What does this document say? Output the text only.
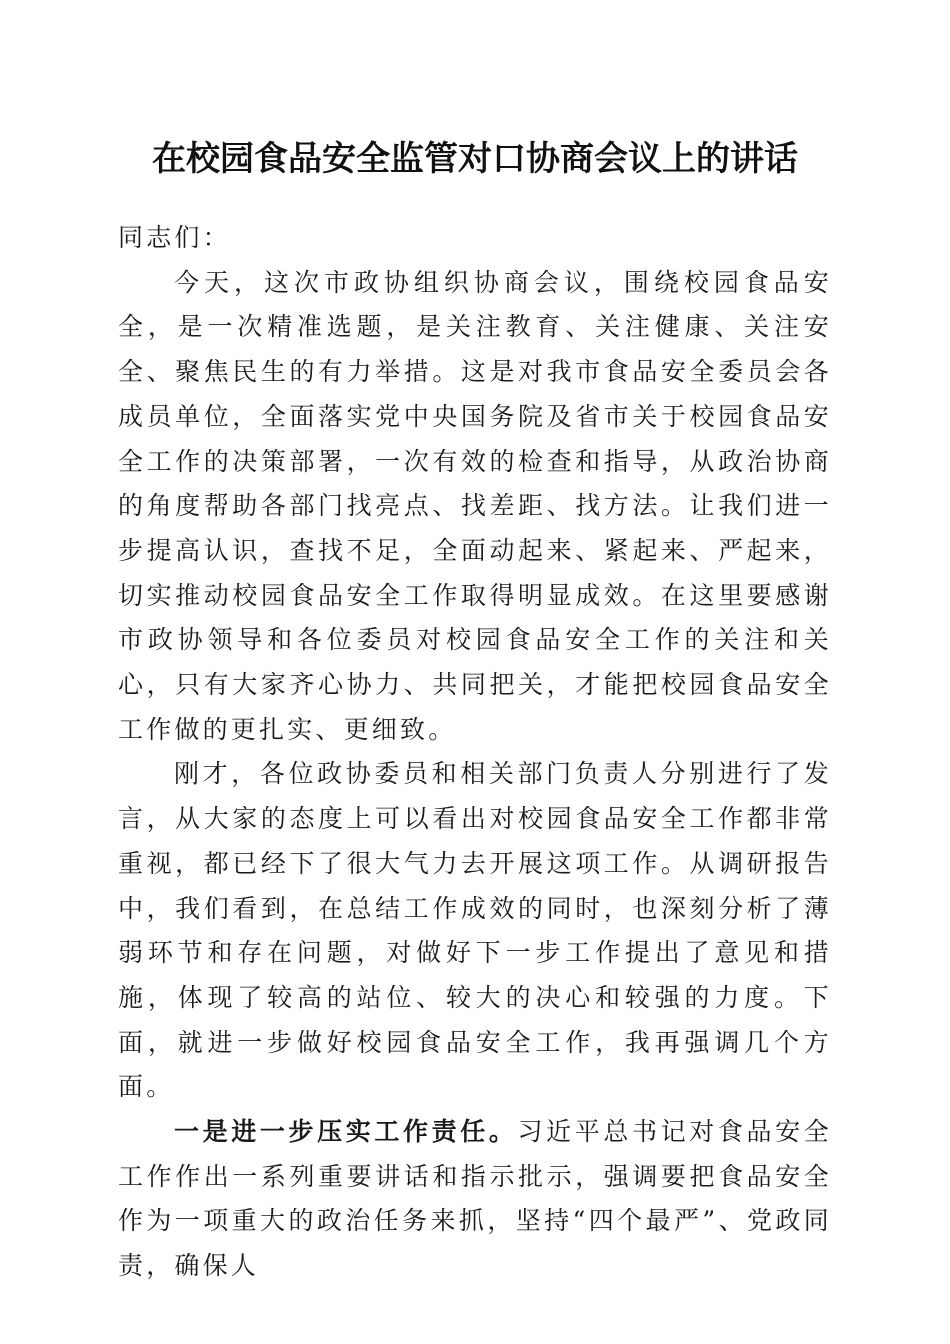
在校园食品安全监管对口协商会议上的讲话

同志们：

今天，这次市政协组织协商会议，围绕校园食品安全，是一次精准选题，是关注教育、关注健康、关注安全、聚焦民生的有力举措。这是对我市食品安全委员会各成员单位，全面落实党中央国务院及省市关于校园食品安全工作的决策部署，一次有效的检查和指导，从政治协商的角度帮助各部门找亮点、找差距、找方法。让我们进一步提高认识，查找不足，全面动起来、紧起来、严起来，切实推动校园食品安全工作取得明显成效。在这里要感谢市政协领导和各位委员对校园食品安全工作的关注和关心，只有大家齐心协力、共同把关，才能把校园食品安全工作做的更扎实、更细致。

刚才，各位政协委员和相关部门负责人分别进行了发言，从大家的态度上可以看出对校园食品安全工作都非常重视，都已经下了很大气力去开展这项工作。从调研报告中，我们看到，在总结工作成效的同时，也深刻分析了薄弱环节和存在问题，对做好下一步工作提出了意见和措施，体现了较高的站位、较大的决心和较强的力度。下面，就进一步做好校园食品安全工作，我再强调几个方面。

一是进一步压实工作责任。习近平总书记对食品安全工作作出一系列重要讲话和指示批示，强调要把食品安全作为一项重大的政治任务来抓，坚持“四个最严”、党政同责，确保人
